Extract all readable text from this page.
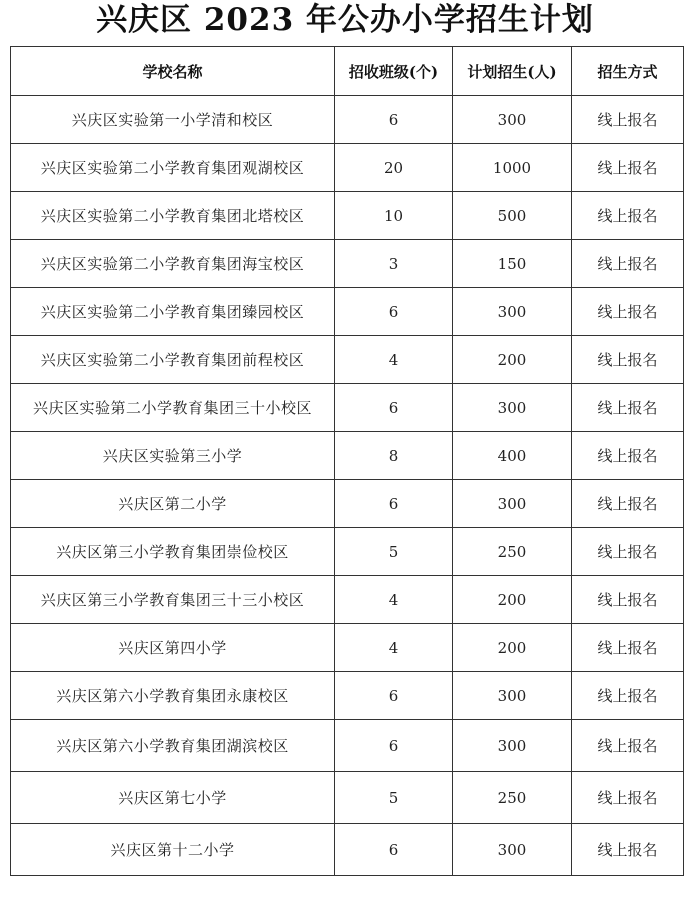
兴庆区 2023 年公办小学招生计划
学校名称	招收班级(个)	计划招生(人)	招生方式
兴庆区实验第一小学清和校区	6	300	线上报名
兴庆区实验第二小学教育集团观湖校区	20	1000	线上报名
兴庆区实验第二小学教育集团北塔校区	10	500	线上报名
兴庆区实验第二小学教育集团海宝校区	3	150	线上报名
兴庆区实验第二小学教育集团臻园校区	6	300	线上报名
兴庆区实验第二小学教育集团前程校区	4	200	线上报名
兴庆区实验第二小学教育集团三十小校区	6	300	线上报名
兴庆区实验第三小学	8	400	线上报名
兴庆区第二小学	6	300	线上报名
兴庆区第三小学教育集团崇俭校区	5	250	线上报名
兴庆区第三小学教育集团三十三小校区	4	200	线上报名
兴庆区第四小学	4	200	线上报名
兴庆区第六小学教育集团永康校区	6	300	线上报名
兴庆区第六小学教育集团湖滨校区	6	300	线上报名
兴庆区第七小学	5	250	线上报名
兴庆区第十二小学	6	300	线上报名
